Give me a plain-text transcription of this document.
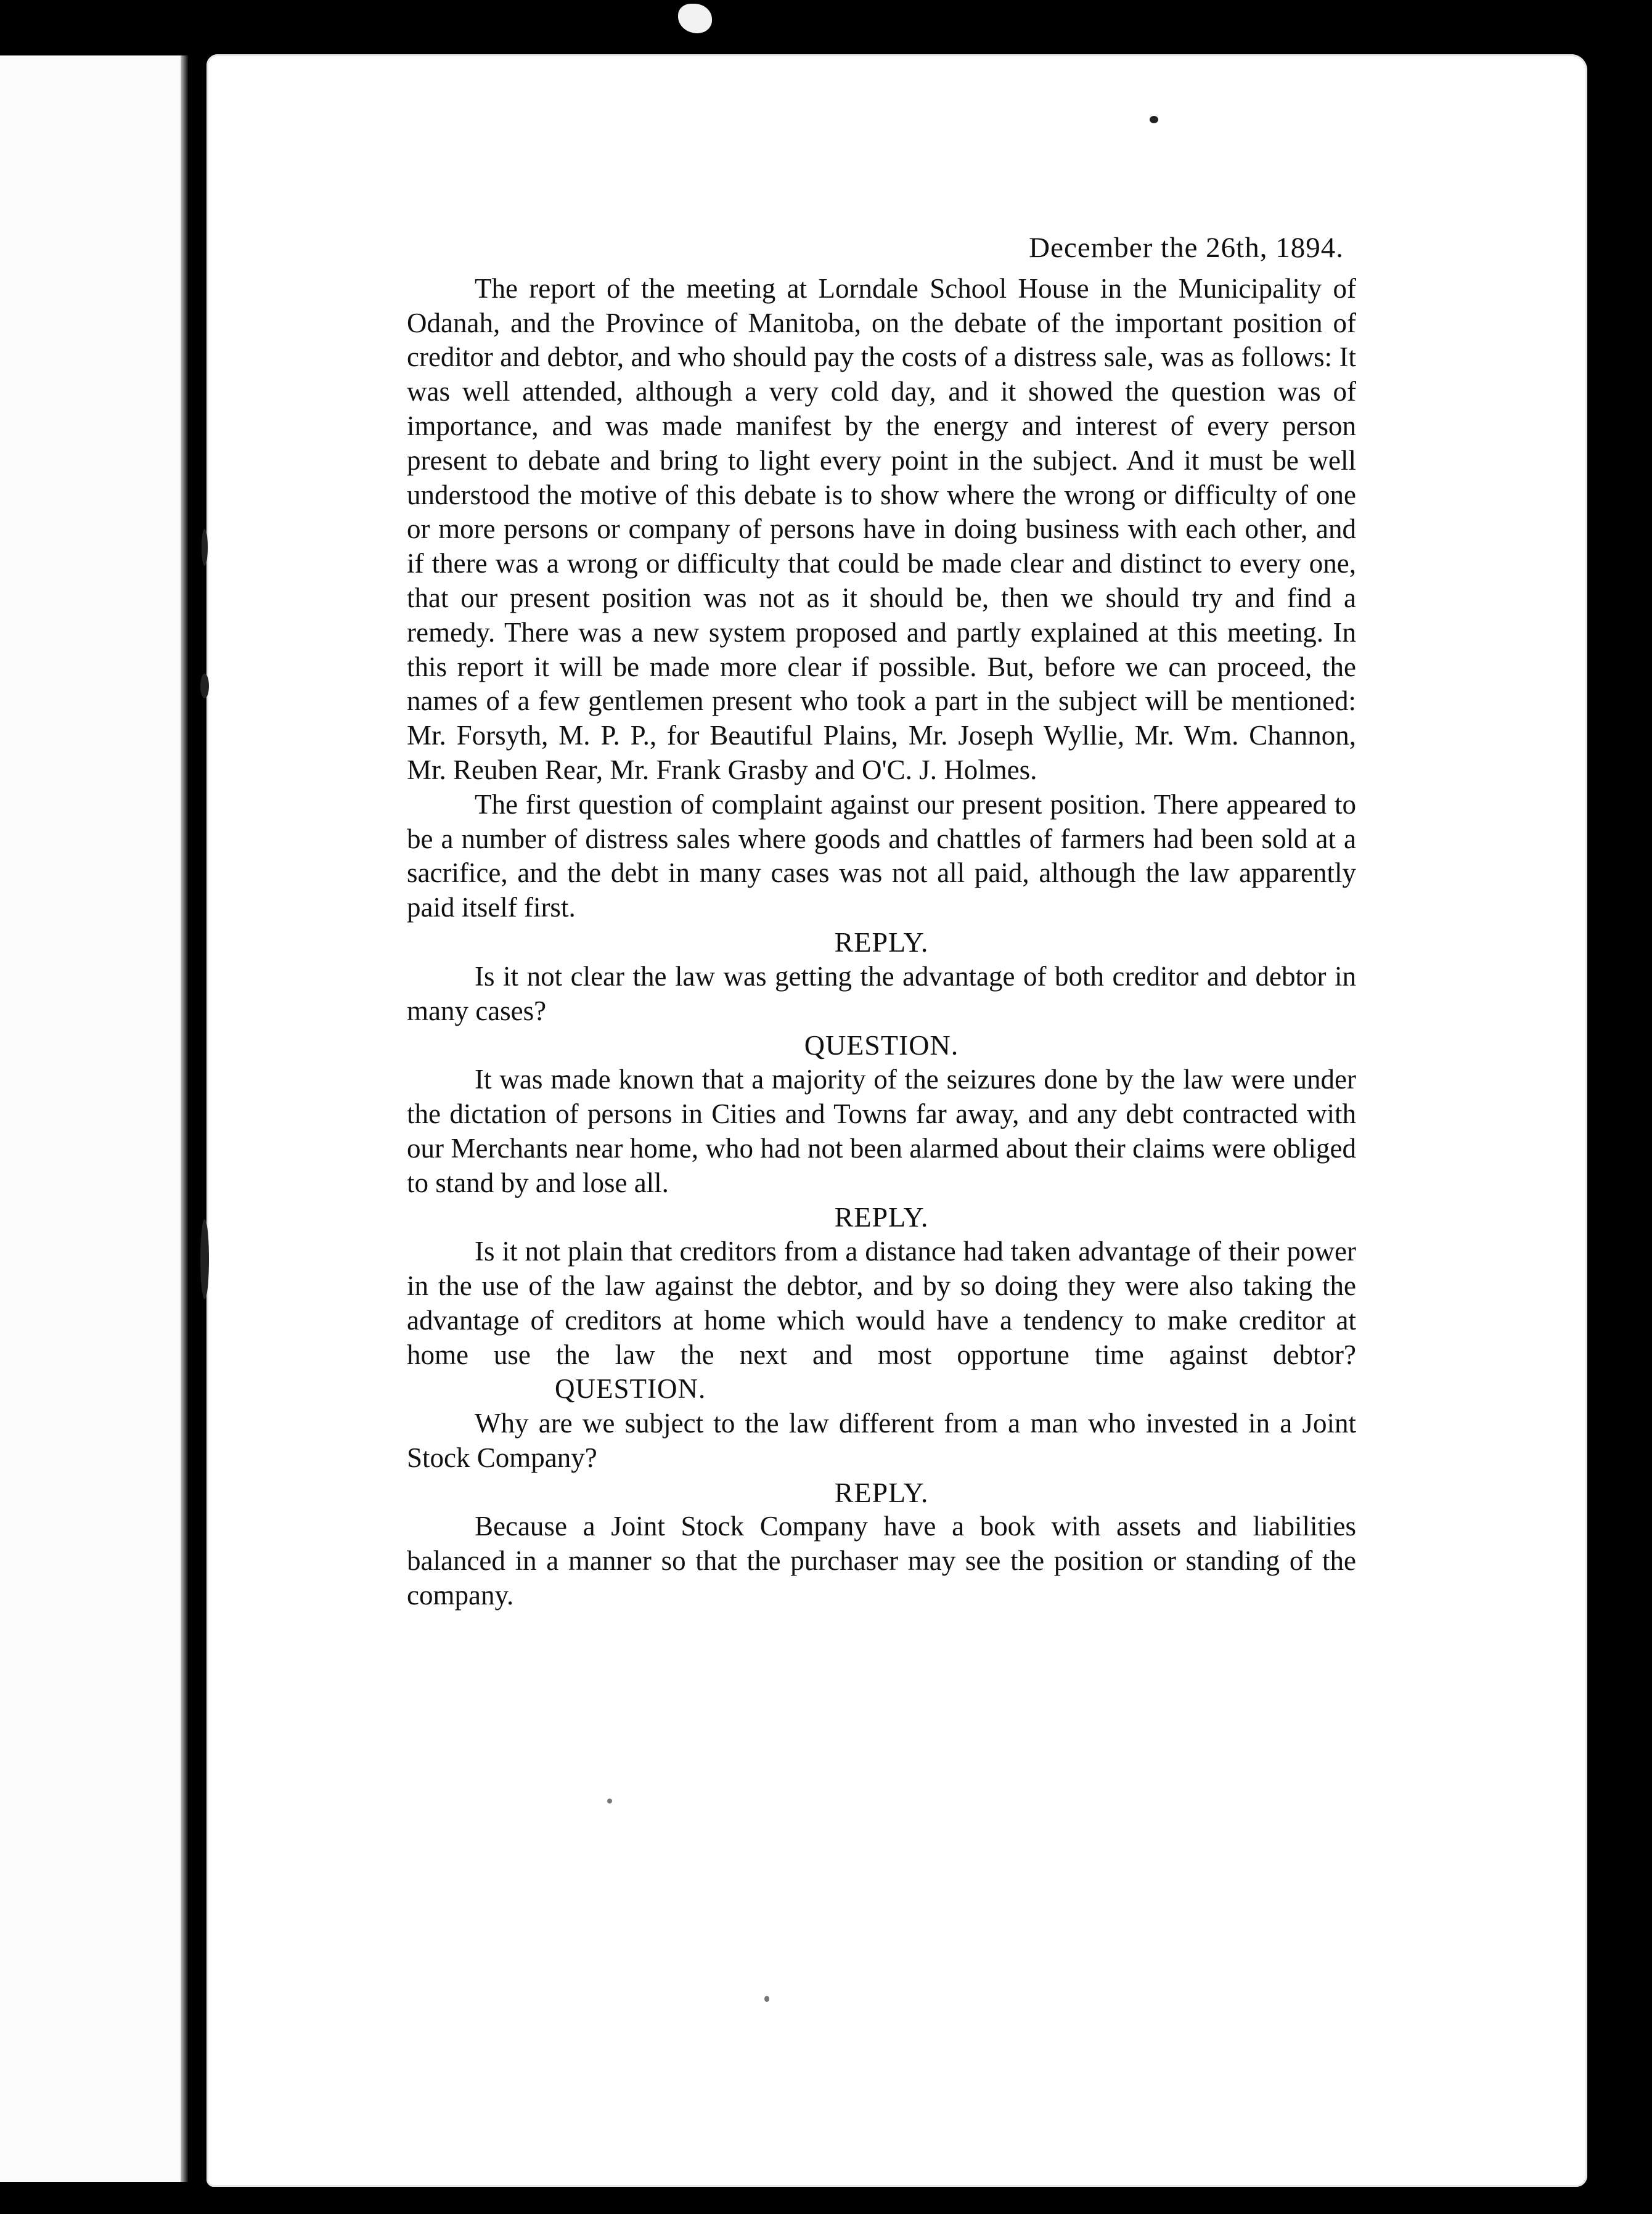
December the 26th, 1894.

The report of the meeting at Lorndale School House in the Municipality of Odanah, and the Province of Manitoba, on the debate of the important position of creditor and debtor, and who should pay the costs of a distress sale, was as follows: It was well attended, although a very cold day, and it showed the question was of importance, and was made manifest by the energy and interest of every person present to debate and bring to light every point in the subject. And it must be well understood the motive of this debate is to show where the wrong or difficulty of one or more persons or company of persons have in doing business with each other, and if there was a wrong or difficulty that could be made clear and distinct to every one, that our present position was not as it should be, then we should try and find a remedy. There was a new system proposed and partly explained at this meeting. In this report it will be made more clear if possible. But, before we can proceed, the names of a few gentlemen present who took a part in the subject will be mentioned: Mr. Forsyth, M. P. P., for Beautiful Plains, Mr. Joseph Wyllie, Mr. Wm. Channon, Mr. Reuben Rear, Mr. Frank Grasby and O'C. J. Holmes.

The first question of complaint against our present position. There appeared to be a number of distress sales where goods and chattles of farmers had been sold at a sacrifice, and the debt in many cases was not all paid, although the law apparently paid itself first.

REPLY.

Is it not clear the law was getting the advantage of both creditor and debtor in many cases?

QUESTION.

It was made known that a majority of the seizures done by the law were under the dictation of persons in Cities and Towns far away, and any debt contracted with our Merchants near home, who had not been alarmed about their claims were obliged to stand by and lose all.

REPLY.

Is it not plain that creditors from a distance had taken advantage of their power in the use of the law against the debtor, and by so doing they were also taking the advantage of creditors at home which would have a tendency to make creditor at home use the law the next and most opportune time against debtor?QUESTION.

Why are we subject to the law different from a man who invested in a Joint Stock Company?

REPLY.

Because a Joint Stock Company have a book with assets and liabilities balanced in a manner so that the purchaser may see the position or standing of the company.
